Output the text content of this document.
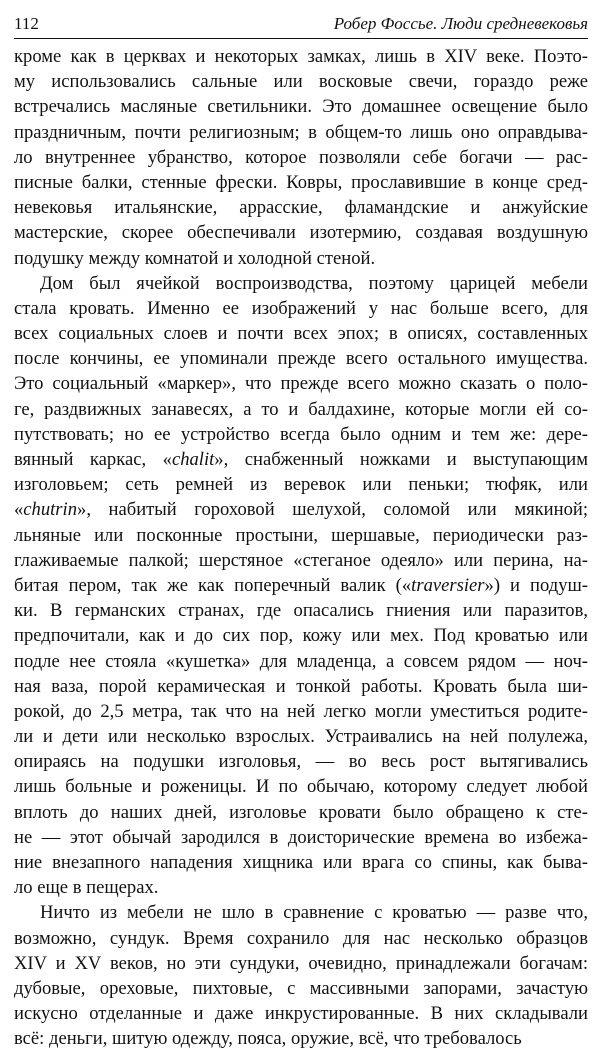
112	Робер Фоссье. Люди средневековья
кроме как в церквах и некоторых замках, лишь в XIV веке. Поэто-
му использовались сальные или восковые свечи, гораздо реже
встречались масляные светильники. Это домашнее освещение было
праздничным, почти религиозным; в общем-то лишь оно оправдыва-
ло внутреннее убранство, которое позволяли себе богачи — рас-
писные балки, стенные фрески. Ковры, прославившие в конце сред-
невековья итальянские, аррасские, фламандские и анжуйские
мастерские, скорее обеспечивали изотермию, создавая воздушную
подушку между комнатой и холодной стеной.
Дом был ячейкой воспроизводства, поэтому царицей мебели
стала кровать. Именно ее изображений у нас больше всего, для
всех социальных слоев и почти всех эпох; в описях, составленных
после кончины, ее упоминали прежде всего остального имущества.
Это социальный «маркер», что прежде всего можно сказать о поло-
ге, раздвижных занавесях, а то и балдахине, которые могли ей со-
путствовать; но ее устройство всегда было одним и тем же: дере-
вянный каркас, «chalit», снабженный ножками и выступающим
изголовьем; сеть ремней из веревок или пеньки; тюфяк, или
«chutrin», набитый гороховой шелухой, соломой или мякиной;
льняные или посконные простыни, шершавые, периодически раз-
глаживаемые палкой; шерстяное «стеганое одеяло» или перина, на-
битая пером, так же как поперечный валик («traversier») и подуш-
ки. В германских странах, где опасались гниения или паразитов,
предпочитали, как и до сих пор, кожу или мех. Под кроватью или
подле нее стояла «кушетка» для младенца, а совсем рядом — ноч-
ная ваза, порой керамическая и тонкой работы. Кровать была ши-
рокой, до 2,5 метра, так что на ней легко могли уместиться родите-
ли и дети или несколько взрослых. Устраивались на ней полулежа,
опираясь на подушки изголовья, — во весь рост вытягивались
лишь больные и роженицы. И по обычаю, которому следует любой
вплоть до наших дней, изголовье кровати было обращено к сте-
не — этот обычай зародился в доисторические времена во избежа-
ние внезапного нападения хищника или врага со спины, как быва-
ло еще в пещерах.
Ничто из мебели не шло в сравнение с кроватью — разве что,
возможно, сундук. Время сохранило для нас несколько образцов
XIV и XV веков, но эти сундуки, очевидно, принадлежали богачам:
дубовые, ореховые, пихтовые, с массивными запорами, зачастую
искусно отделанные и даже инкрустированные. В них складывали
всё: деньги, шитую одежду, пояса, оружие, всё, что требовалось
